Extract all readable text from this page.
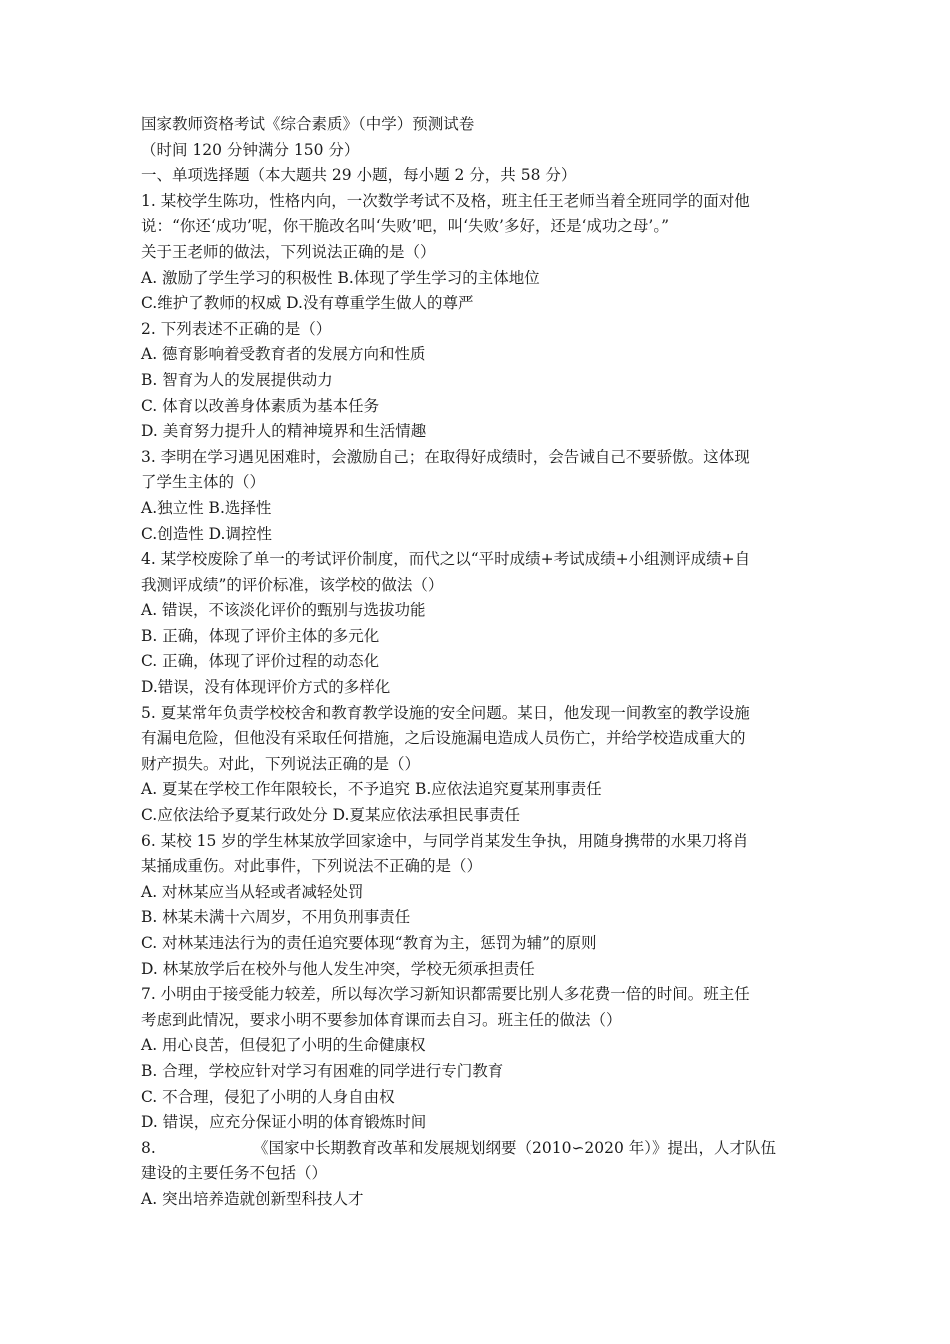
国家教师资格考试《综合素质》（中学）预测试卷
（时间 120 分钟满分 150 分）
一、单项选择题（本大题共 29 小题，每小题 2 分，共 58 分）
1. 某校学生陈功，性格内向，一次数学考试不及格，班主任王老师当着全班同学的面对他
说：“你还‘成功’呢，你干脆改名叫‘失败’吧，叫‘失败’多好，还是‘成功之母’。”
关于王老师的做法，下列说法正确的是（）
A. 激励了学生学习的积极性 B.体现了学生学习的主体地位
C.维护了教师的权威 D.没有尊重学生做人的尊严
2. 下列表述不正确的是（）
A. 德育影响着受教育者的发展方向和性质
B. 智育为人的发展提供动力
C. 体育以改善身体素质为基本任务
D. 美育努力提升人的精神境界和生活情趣
3. 李明在学习遇见困难时，会激励自己；在取得好成绩时，会告诫自己不要骄傲。这体现
了学生主体的（）
A.独立性 B.选择性
C.创造性 D.调控性
4. 某学校废除了单一的考试评价制度，而代之以“平时成绩+考试成绩+小组测评成绩+自
我测评成绩”的评价标准，该学校的做法（）
A. 错误，不该淡化评价的甄别与选拔功能
B. 正确，体现了评价主体的多元化
C. 正确，体现了评价过程的动态化
D.错误，没有体现评价方式的多样化
5. 夏某常年负责学校校舍和教育教学设施的安全问题。某日，他发现一间教室的教学设施
有漏电危险，但他没有采取任何措施，之后设施漏电造成人员伤亡，并给学校造成重大的
财产损失。对此，下列说法正确的是（）
A. 夏某在学校工作年限较长，不予追究 B.应依法追究夏某刑事责任
C.应依法给予夏某行政处分 D.夏某应依法承担民事责任
6. 某校 15 岁的学生林某放学回家途中，与同学肖某发生争执，用随身携带的水果刀将肖
某捅成重伤。对此事件，下列说法不正确的是（）
A. 对林某应当从轻或者减轻处罚
B. 林某未满十六周岁，不用负刑事责任
C. 对林某违法行为的责任追究要体现“教育为主，惩罚为辅”的原则
D. 林某放学后在校外与他人发生冲突，学校无须承担责任
7. 小明由于接受能力较差，所以每次学习新知识都需要比别人多花费一倍的时间。班主任
考虑到此情况，要求小明不要参加体育课而去自习。班主任的做法（）
A. 用心良苦，但侵犯了小明的生命健康权
B. 合理，学校应针对学习有困难的同学进行专门教育
C. 不合理，侵犯了小明的人身自由权
D. 错误，应充分保证小明的体育锻炼时间
8.	《国家中长期教育改革和发展规划纲要（2010∽2020 年）》提出，人才队伍
建设的主要任务不包括（）
A. 突出培养造就创新型科技人才
